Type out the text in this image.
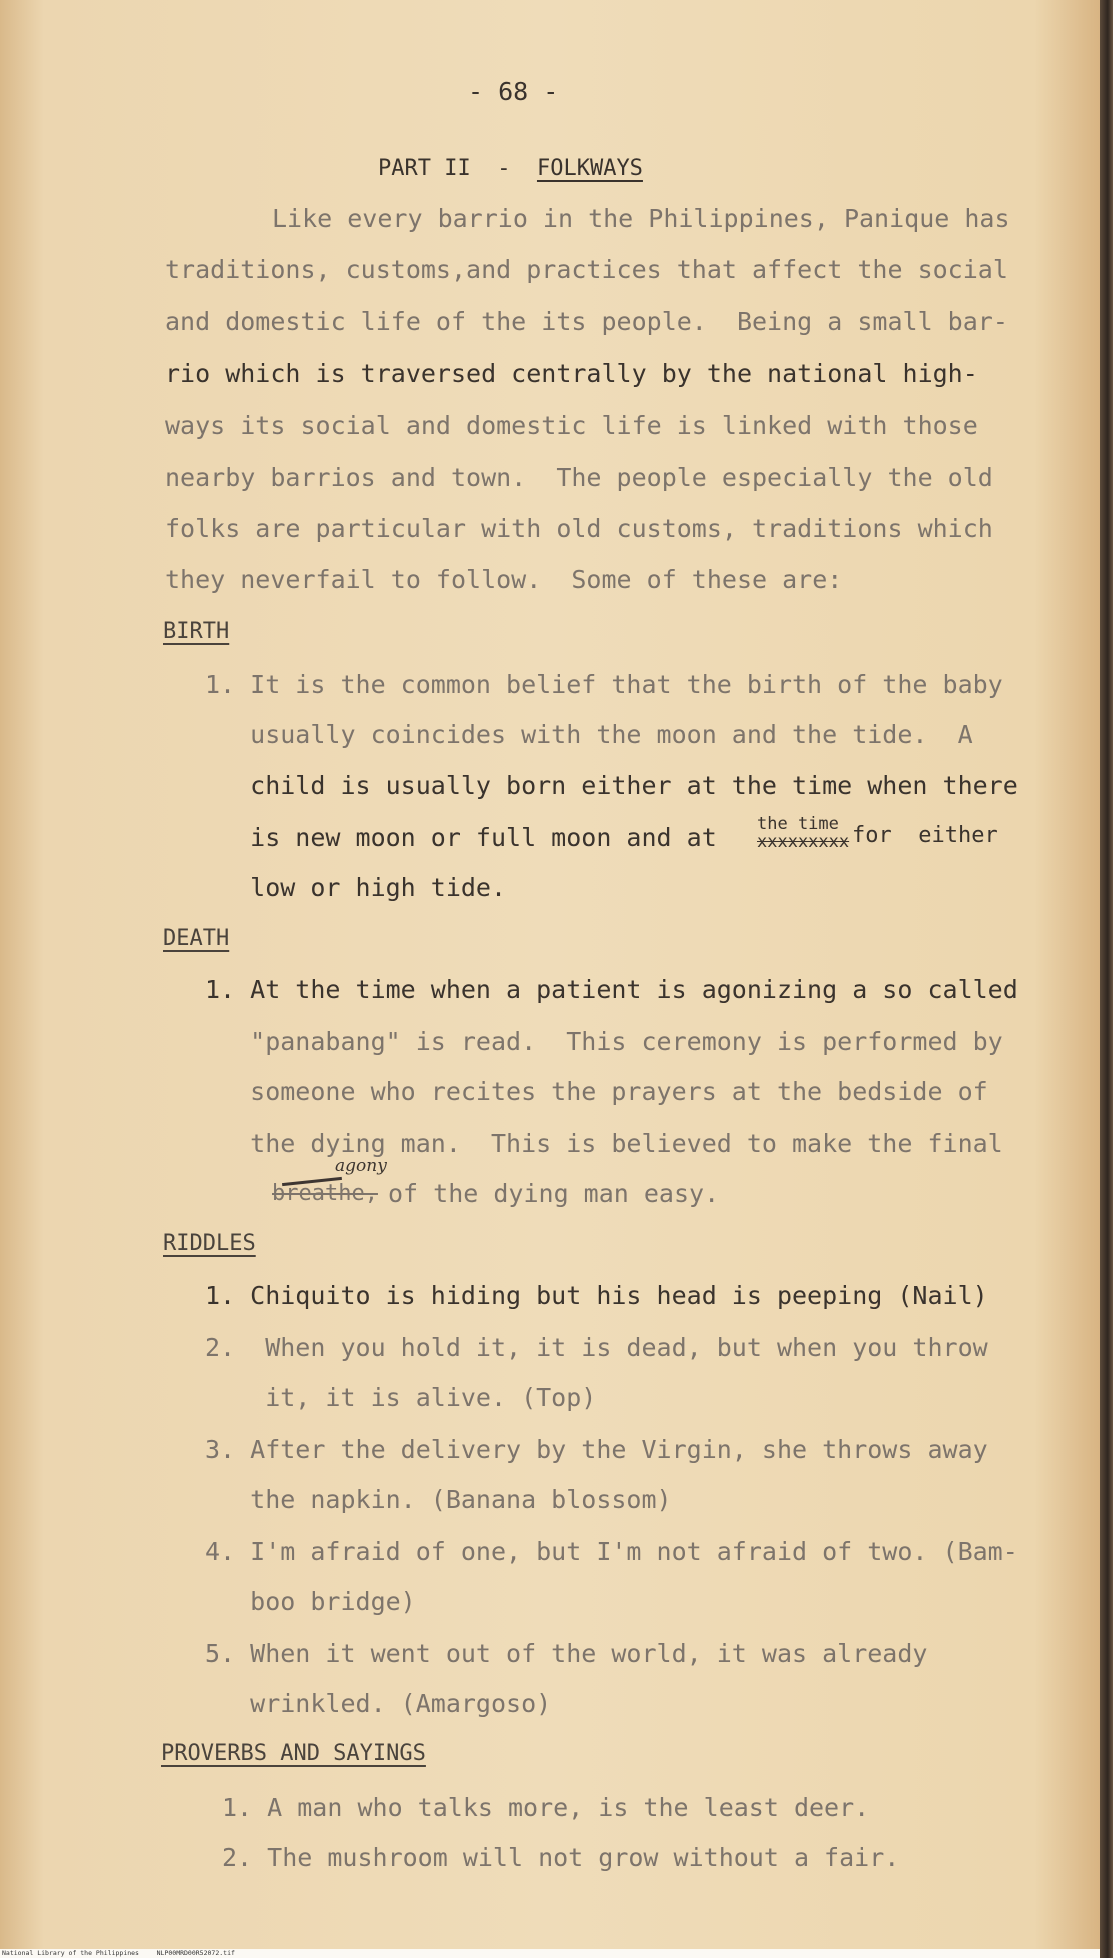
- 68 -
PART II - FOLKWAYS
Like every barrio in the Philippines, Panique has
traditions, customs,and practices that affect the social
and domestic life of the its people.  Being a small bar-
rio which is traversed centrally by the national high-
ways its social and domestic life is linked with those
nearby barrios and town.  The people especially the old
folks are particular with old customs, traditions which
they neverfail to follow.  Some of these are:
BIRTH
1. It is the common belief that the birth of the baby
usually coincides with the moon and the tide.  A
child is usually born either at the time when there
is new moon or full moon and at xxxxxxxxx
the time for  either
low or high tide.
DEATH
1. At the time when a patient is agonizing a so called
"panabang" is read.  This ceremony is performed by
someone who recites the prayers at the bedside of
the dying man.  This is believed to make the final
breathe,
agony
of the dying man easy.
RIDDLES
1. Chiquito is hiding but his head is peeping (Nail)
2.  When you hold it, it is dead, but when you throw
it, it is alive. (Top)
3. After the delivery by the Virgin, she throws away
the napkin. (Banana blossom)
4. I'm afraid of one, but I'm not afraid of two. (Bam-
boo bridge)
5. When it went out of the world, it was already
wrinkled. (Amargoso)
PROVERBS AND SAYINGS
1. A man who talks more, is the least deer.
2. The mushroom will not grow without a fair.
National Library of the Philippines	NLP00MRD00R52072.tif
